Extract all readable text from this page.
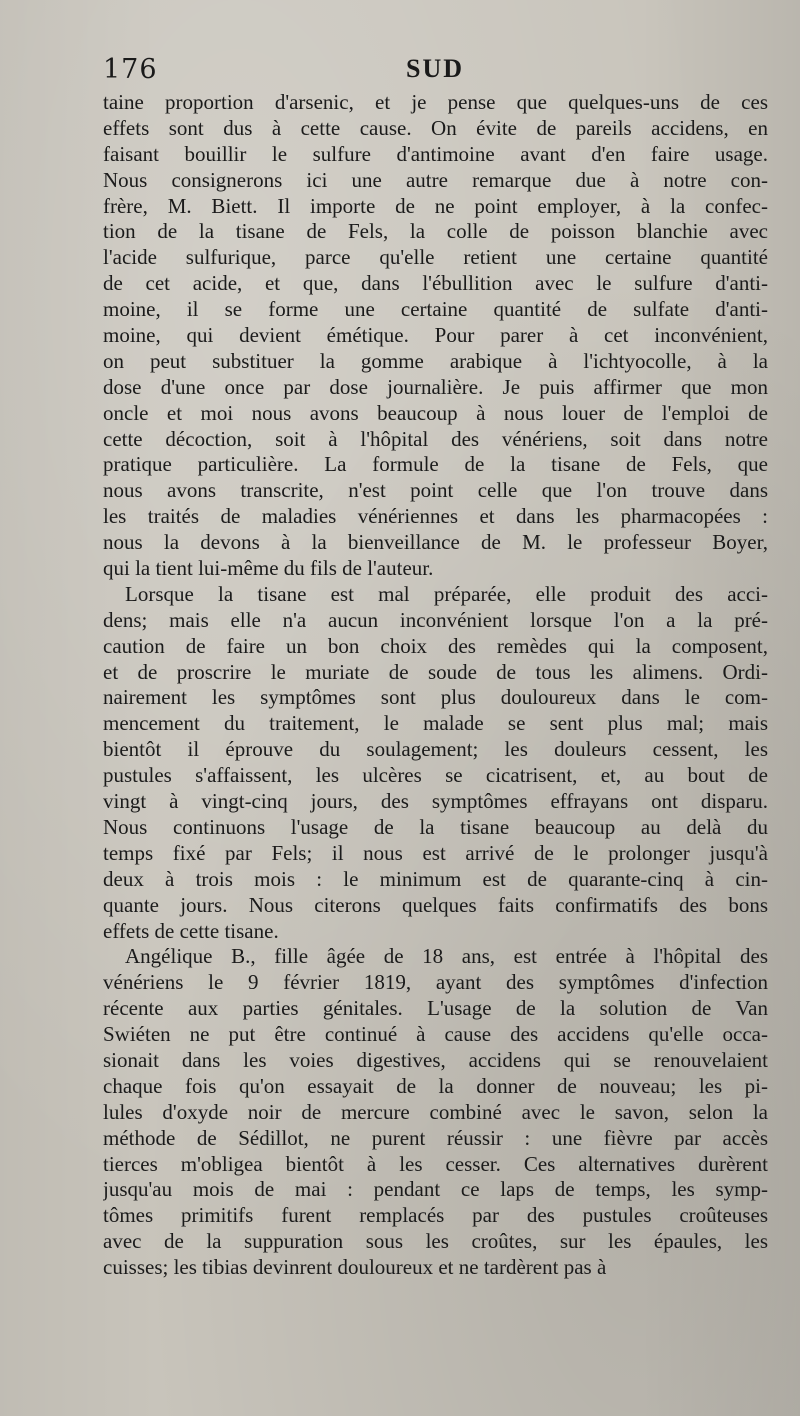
176	SUD
taine proportion d'arsenic, et je pense que quelques-uns de ces
effets sont dus à cette cause. On évite de pareils accidens, en
faisant bouillir le sulfure d'antimoine avant d'en faire usage.
Nous consignerons ici une autre remarque due à notre con-
frère, M. Biett. Il importe de ne point employer, à la confec-
tion de la tisane de Fels, la colle de poisson blanchie avec
l'acide sulfurique, parce qu'elle retient une certaine quantité
de cet acide, et que, dans l'ébullition avec le sulfure d'anti-
moine, il se forme une certaine quantité de sulfate d'anti-
moine, qui devient émétique. Pour parer à cet inconvénient,
on peut substituer la gomme arabique à l'ichtyocolle, à la
dose d'une once par dose journalière. Je puis affirmer que mon
oncle et moi nous avons beaucoup à nous louer de l'emploi de
cette décoction, soit à l'hôpital des vénériens, soit dans notre
pratique particulière. La formule de la tisane de Fels, que
nous avons transcrite, n'est point celle que l'on trouve dans
les traités de maladies vénériennes et dans les pharmacopées :
nous la devons à la bienveillance de M. le professeur Boyer,
qui la tient lui-même du fils de l'auteur.
Lorsque la tisane est mal préparée, elle produit des acci-
dens; mais elle n'a aucun inconvénient lorsque l'on a la pré-
caution de faire un bon choix des remèdes qui la composent,
et de proscrire le muriate de soude de tous les alimens. Ordi-
nairement les symptômes sont plus douloureux dans le com-
mencement du traitement, le malade se sent plus mal; mais
bientôt il éprouve du soulagement; les douleurs cessent, les
pustules s'affaissent, les ulcères se cicatrisent, et, au bout de
vingt à vingt-cinq jours, des symptômes effrayans ont disparu.
Nous continuons l'usage de la tisane beaucoup au delà du
temps fixé par Fels; il nous est arrivé de le prolonger jusqu'à
deux à trois mois : le minimum est de quarante-cinq à cin-
quante jours. Nous citerons quelques faits confirmatifs des bons
effets de cette tisane.
Angélique B., fille âgée de 18 ans, est entrée à l'hôpital des
vénériens le 9 février 1819, ayant des symptômes d'infection
récente aux parties génitales. L'usage de la solution de Van
Swiéten ne put être continué à cause des accidens qu'elle occa-
sionait dans les voies digestives, accidens qui se renouvelaient
chaque fois qu'on essayait de la donner de nouveau; les pi-
lules d'oxyde noir de mercure combiné avec le savon, selon la
méthode de Sédillot, ne purent réussir : une fièvre par accès
tierces m'obligea bientôt à les cesser. Ces alternatives durèrent
jusqu'au mois de mai : pendant ce laps de temps, les symp-
tômes primitifs furent remplacés par des pustules croûteuses
avec de la suppuration sous les croûtes, sur les épaules, les
cuisses; les tibias devinrent douloureux et ne tardèrent pas à
